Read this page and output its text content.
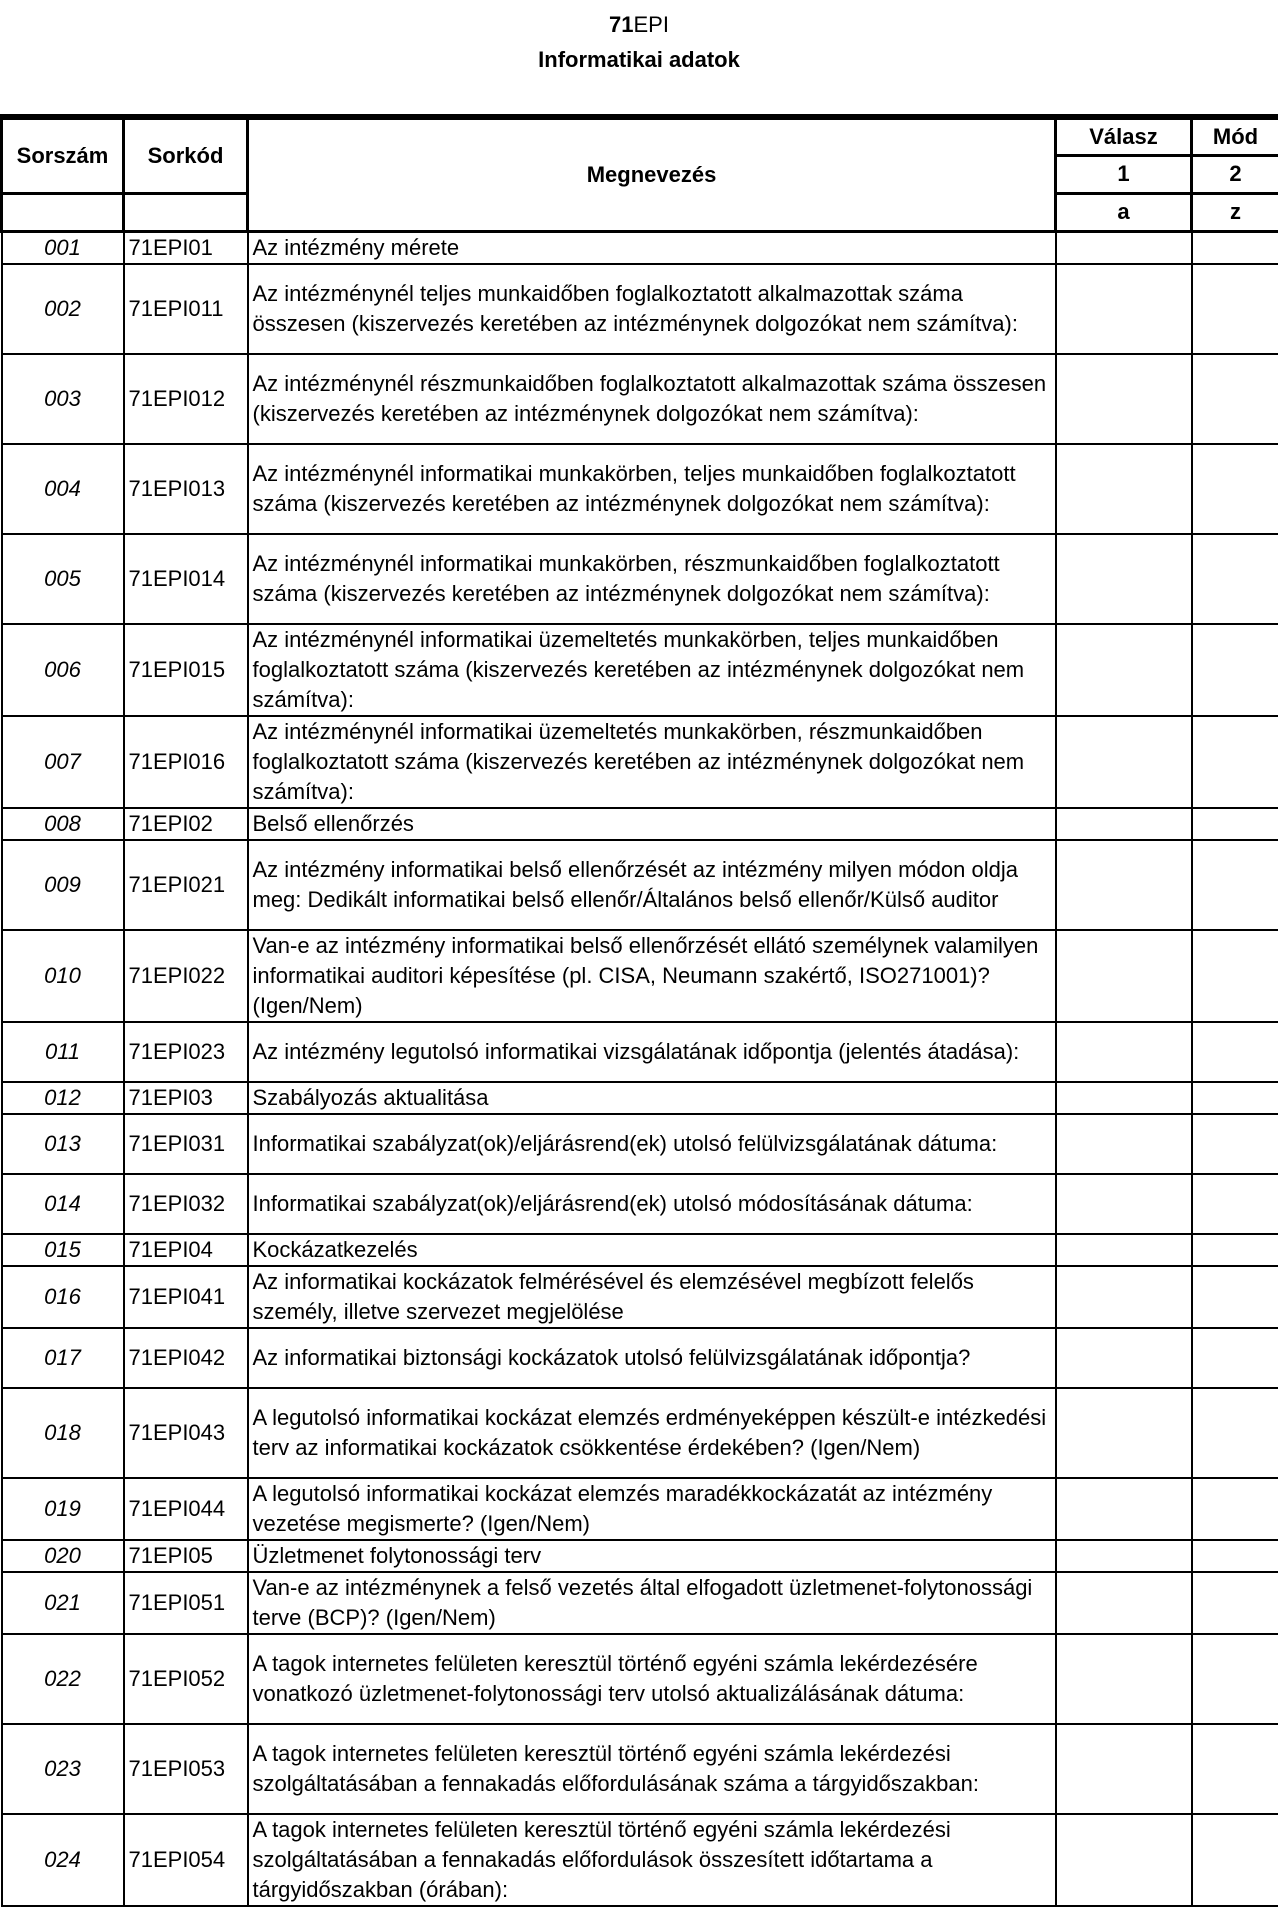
71EPI
Informatikai adatok
Sorszám	Sorkód	Megnevezés	Válasz	Mód
			1	2
			a	z
001	71EPI01	Az intézmény mérete		
002	71EPI011	Az intézménynél teljes munkaidőben foglalkoztatott alkalmazottak száma összesen (kiszervezés keretében az intézménynek dolgozókat nem számítva):		
003	71EPI012	Az intézménynél részmunkaidőben foglalkoztatott alkalmazottak száma összesen (kiszervezés keretében az intézménynek dolgozókat nem számítva):		
004	71EPI013	Az intézménynél informatikai munkakörben, teljes munkaidőben foglalkoztatott száma (kiszervezés keretében az intézménynek dolgozókat nem számítva):		
005	71EPI014	Az intézménynél informatikai munkakörben, részmunkaidőben foglalkoztatott száma (kiszervezés keretében az intézménynek dolgozókat nem számítva):		
006	71EPI015	Az intézménynél informatikai üzemeltetés munkakörben, teljes munkaidőben foglalkoztatott száma (kiszervezés keretében az intézménynek dolgozókat nem számítva):		
007	71EPI016	Az intézménynél informatikai üzemeltetés munkakörben, részmunkaidőben foglalkoztatott száma (kiszervezés keretében az intézménynek dolgozókat nem számítva):		
008	71EPI02	Belső ellenőrzés		
009	71EPI021	Az intézmény informatikai belső ellenőrzését az intézmény milyen módon oldja meg: Dedikált informatikai belső ellenőr/Általános belső ellenőr/Külső auditor		
010	71EPI022	Van-e az intézmény informatikai belső ellenőrzését ellátó személynek valamilyen informatikai auditori képesítése (pl. CISA, Neumann szakértő, ISO271001)? (Igen/Nem)		
011	71EPI023	Az intézmény legutolsó informatikai vizsgálatának időpontja (jelentés átadása):		
012	71EPI03	Szabályozás aktualitása		
013	71EPI031	Informatikai szabályzat(ok)/eljárásrend(ek) utolsó felülvizsgálatának dátuma:		
014	71EPI032	Informatikai szabályzat(ok)/eljárásrend(ek) utolsó módosításának dátuma:		
015	71EPI04	Kockázatkezelés		
016	71EPI041	Az informatikai kockázatok felmérésével és elemzésével megbízott felelős személy, illetve szervezet megjelölése		
017	71EPI042	Az informatikai biztonsági kockázatok utolsó felülvizsgálatának időpontja?		
018	71EPI043	A legutolsó informatikai kockázat elemzés erdményeképpen készült-e intézkedési terv az informatikai kockázatok csökkentése érdekében? (Igen/Nem)		
019	71EPI044	A legutolsó informatikai kockázat elemzés maradékkockázatát az intézmény vezetése megismerte? (Igen/Nem)		
020	71EPI05	Üzletmenet folytonossági terv		
021	71EPI051	Van-e az intézménynek a felső vezetés által elfogadott üzletmenet-folytonossági terve (BCP)? (Igen/Nem)		
022	71EPI052	A tagok internetes felületen keresztül történő egyéni számla lekérdezésére vonatkozó üzletmenet-folytonossági terv utolsó aktualizálásának dátuma:		
023	71EPI053	A tagok internetes felületen keresztül történő egyéni számla lekérdezési szolgáltatásában a fennakadás előfordulásának száma a tárgyidőszakban:		
024	71EPI054	A tagok internetes felületen keresztül történő egyéni számla lekérdezési szolgáltatásában a fennakadás előfordulások összesített időtartama a tárgyidőszakban (órában):		
